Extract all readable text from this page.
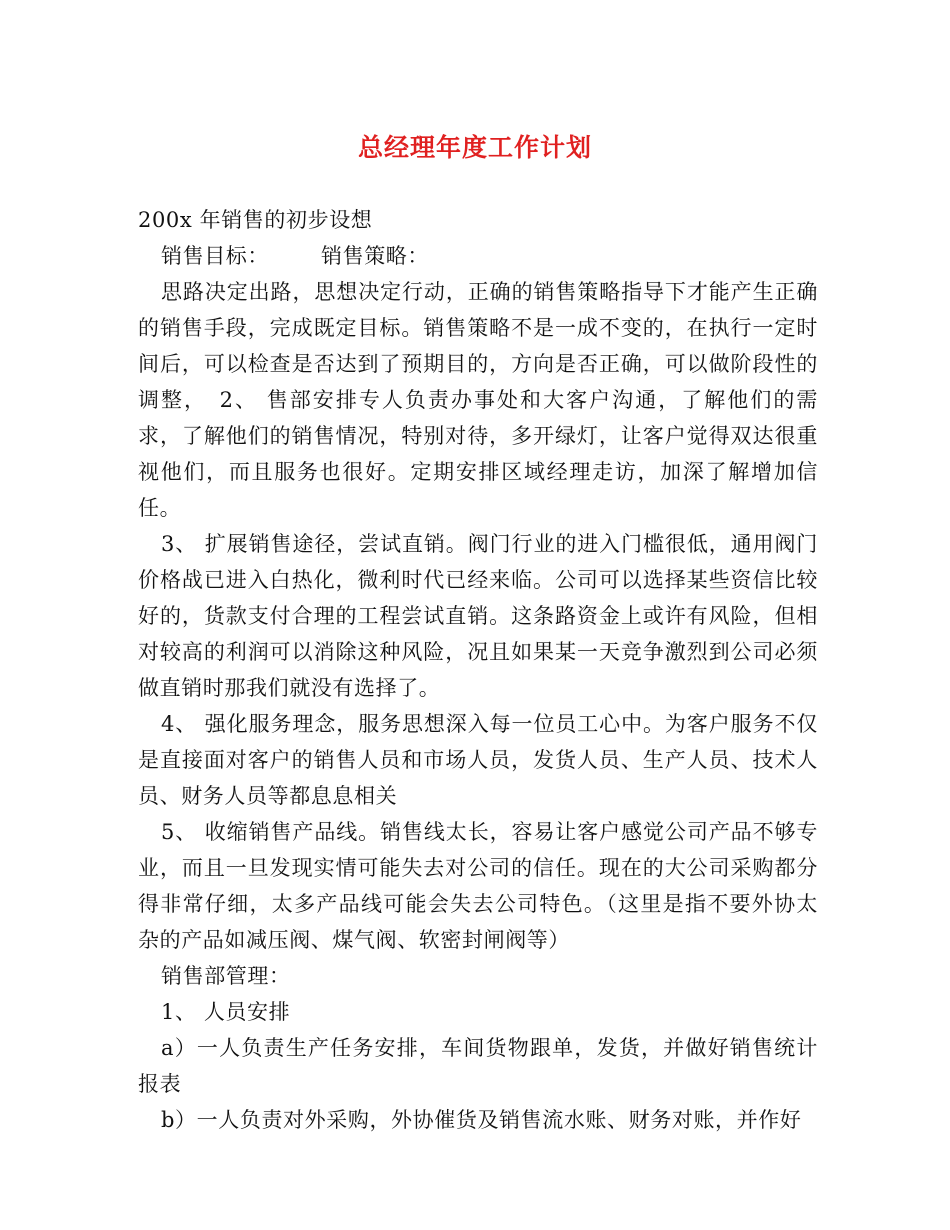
总经理年度工作计划

200x 年销售的初步设想

销售目标： 销售策略：

思路决定出路，思想决定行动，正确的销售策略指导下才能产生正确的销售手段，完成既定目标。销售策略不是一成不变的，在执行一定时间后，可以检查是否达到了预期目的，方向是否正确，可以做阶段性的调整，　2、 售部安排专人负责办事处和大客户沟通，了解他们的需求，了解他们的销售情况，特别对待，多开绿灯，让客户觉得双达很重视他们，而且服务也很好。定期安排区域经理走访，加深了解增加信任。

3、 扩展销售途径，尝试直销。阀门行业的进入门槛很低，通用阀门价格战已进入白热化，微利时代已经来临。公司可以选择某些资信比较好的，货款支付合理的工程尝试直销。这条路资金上或许有风险，但相对较高的利润可以消除这种风险，况且如果某一天竞争激烈到公司必须做直销时那我们就没有选择了。

4、 强化服务理念，服务思想深入每一位员工心中。为客户服务不仅是直接面对客户的销售人员和市场人员，发货人员、生产人员、技术人员、财务人员等都息息相关

5、 收缩销售产品线。销售线太长，容易让客户感觉公司产品不够专业，而且一旦发现实情可能失去对公司的信任。现在的大公司采购都分得非常仔细，太多产品线可能会失去公司特色。（这里是指不要外协太杂的产品如减压阀、煤气阀、软密封闸阀等）

销售部管理：

1、 人员安排

a）一人负责生产任务安排，车间货物跟单，发货，并做好销售统计报表

b）一人负责对外采购，外协催货及销售流水账、财务对账，并作好
